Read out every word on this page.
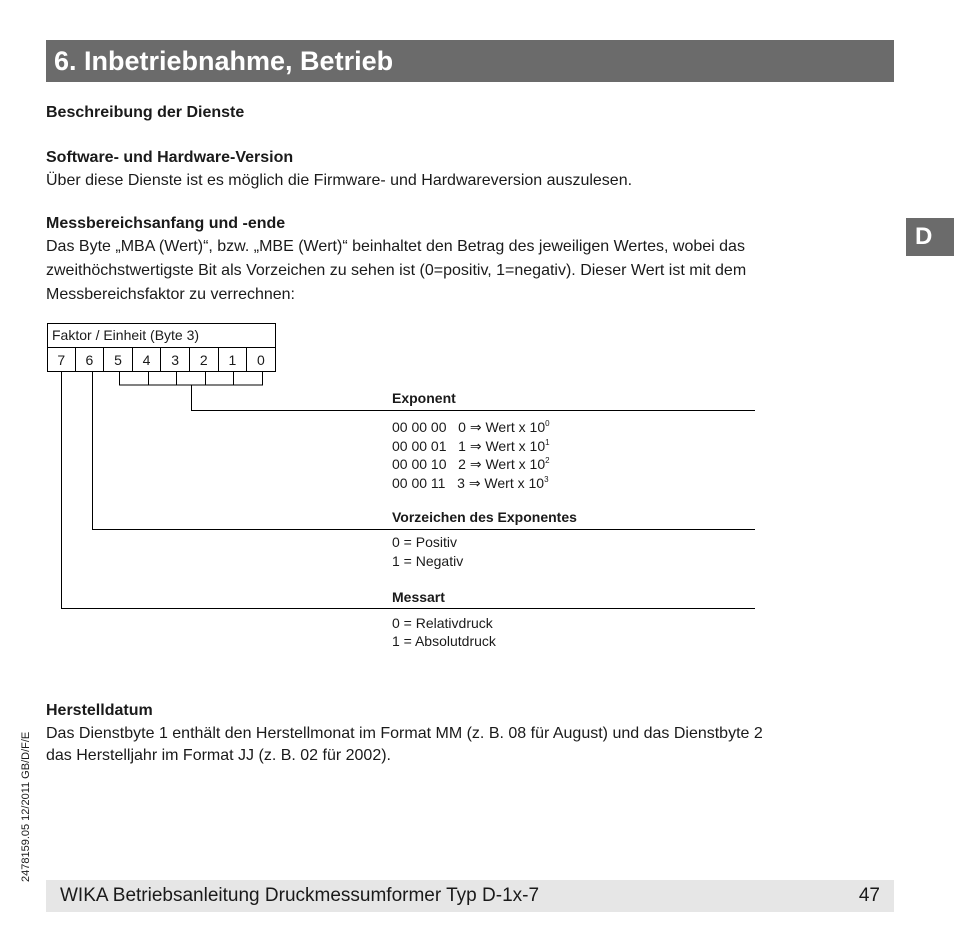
6. Inbetriebnahme, Betrieb
D
Beschreibung der Dienste
Software- und Hardware-Version
Über diese Dienste ist es möglich die Firmware- und Hardwareversion auszulesen.
Messbereichsanfang und -ende
Das Byte „MBA (Wert)“, bzw. „MBE (Wert)“ beinhaltet den Betrag des jeweiligen Wertes, wobei das
zweithöchstwertigste Bit als Vorzeichen zu sehen ist (0=positiv, 1=negativ). Dieser Wert ist mit dem
Messbereichsfaktor zu verrechnen:
Faktor / Einheit (Byte 3)
7	6	5	4	3	2	1	0
Exponent
00 00 00 0 ⇒ Wert x $10^0$
00 00 01 1 ⇒ Wert x $10^1$
00 00 10 2 ⇒ Wert x $10^2$
00 00 11 3 ⇒ Wert x $10^3$
Vorzeichen des Exponentes
0 = Positiv
1 = Negativ
Messart
0 = Relativdruck
1 = Absolutdruck
Herstelldatum
Das Dienstbyte 1 enthält den Herstellmonat im Format MM (z. B. 08 für August) und das Dienstbyte 2
das Herstelljahr im Format JJ (z. B. 02 für 2002).
2478159.05 12/2011 GB/D/F/E
WIKA Betriebsanleitung Druckmessumformer Typ D-1x-7	47
